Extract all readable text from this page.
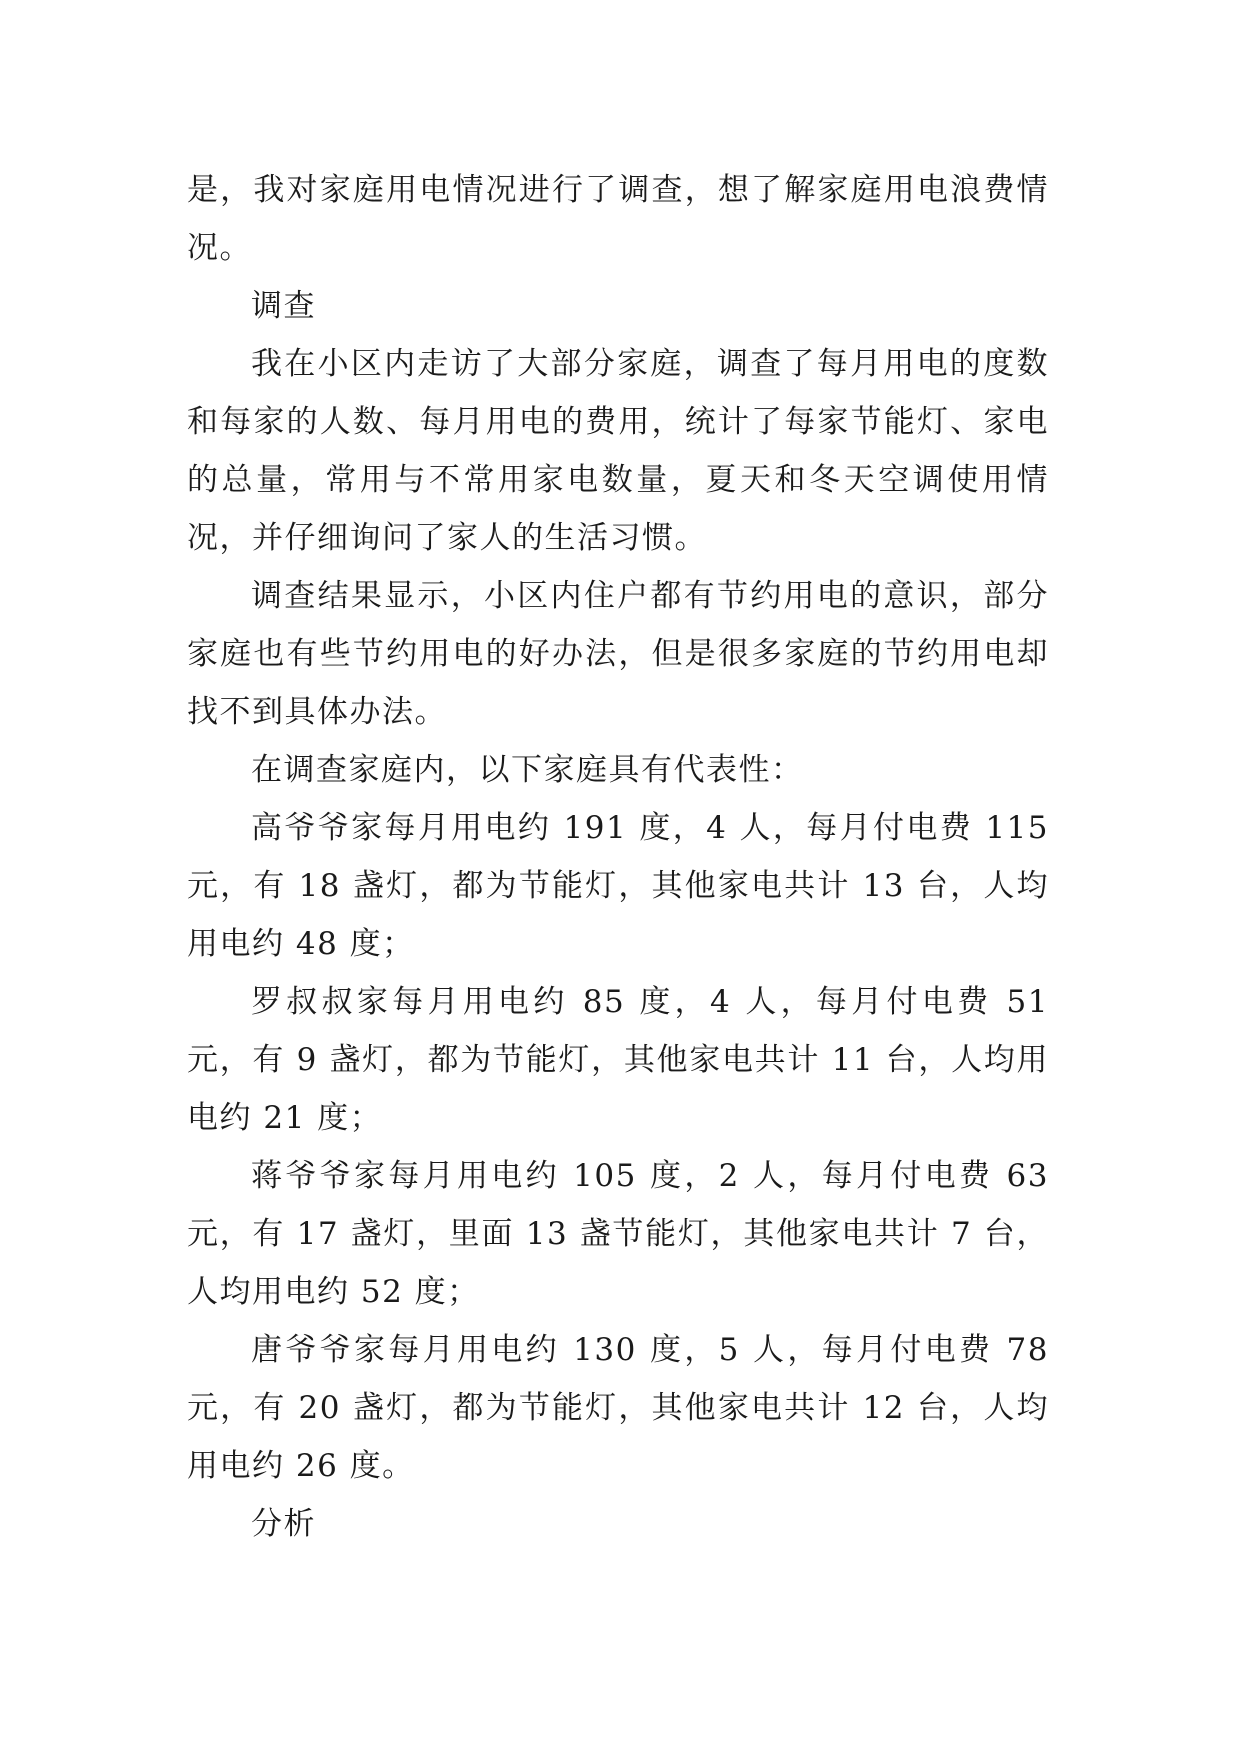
是，我对家庭用电情况进行了调查，想了解家庭用电浪费情况。

调查

我在小区内走访了大部分家庭，调查了每月用电的度数和每家的人数、每月用电的费用，统计了每家节能灯、家电的总量，常用与不常用家电数量，夏天和冬天空调使用情况，并仔细询问了家人的生活习惯。

调查结果显示，小区内住户都有节约用电的意识，部分家庭也有些节约用电的好办法，但是很多家庭的节约用电却找不到具体办法。

在调查家庭内，以下家庭具有代表性：

高爷爷家每月用电约 191 度，4 人，每月付电费 115 元，有 18 盏灯，都为节能灯，其他家电共计 13 台，人均用电约 48 度；

罗叔叔家每月用电约 85 度，4 人，每月付电费 51 元，有 9 盏灯，都为节能灯，其他家电共计 11 台，人均用电约 21 度；

蒋爷爷家每月用电约 105 度，2 人，每月付电费 63 元，有 17 盏灯，里面 13 盏节能灯，其他家电共计 7 台，人均用电约 52 度；

唐爷爷家每月用电约 130 度，5 人，每月付电费 78 元，有 20 盏灯，都为节能灯，其他家电共计 12 台，人均用电约 26 度。

分析
